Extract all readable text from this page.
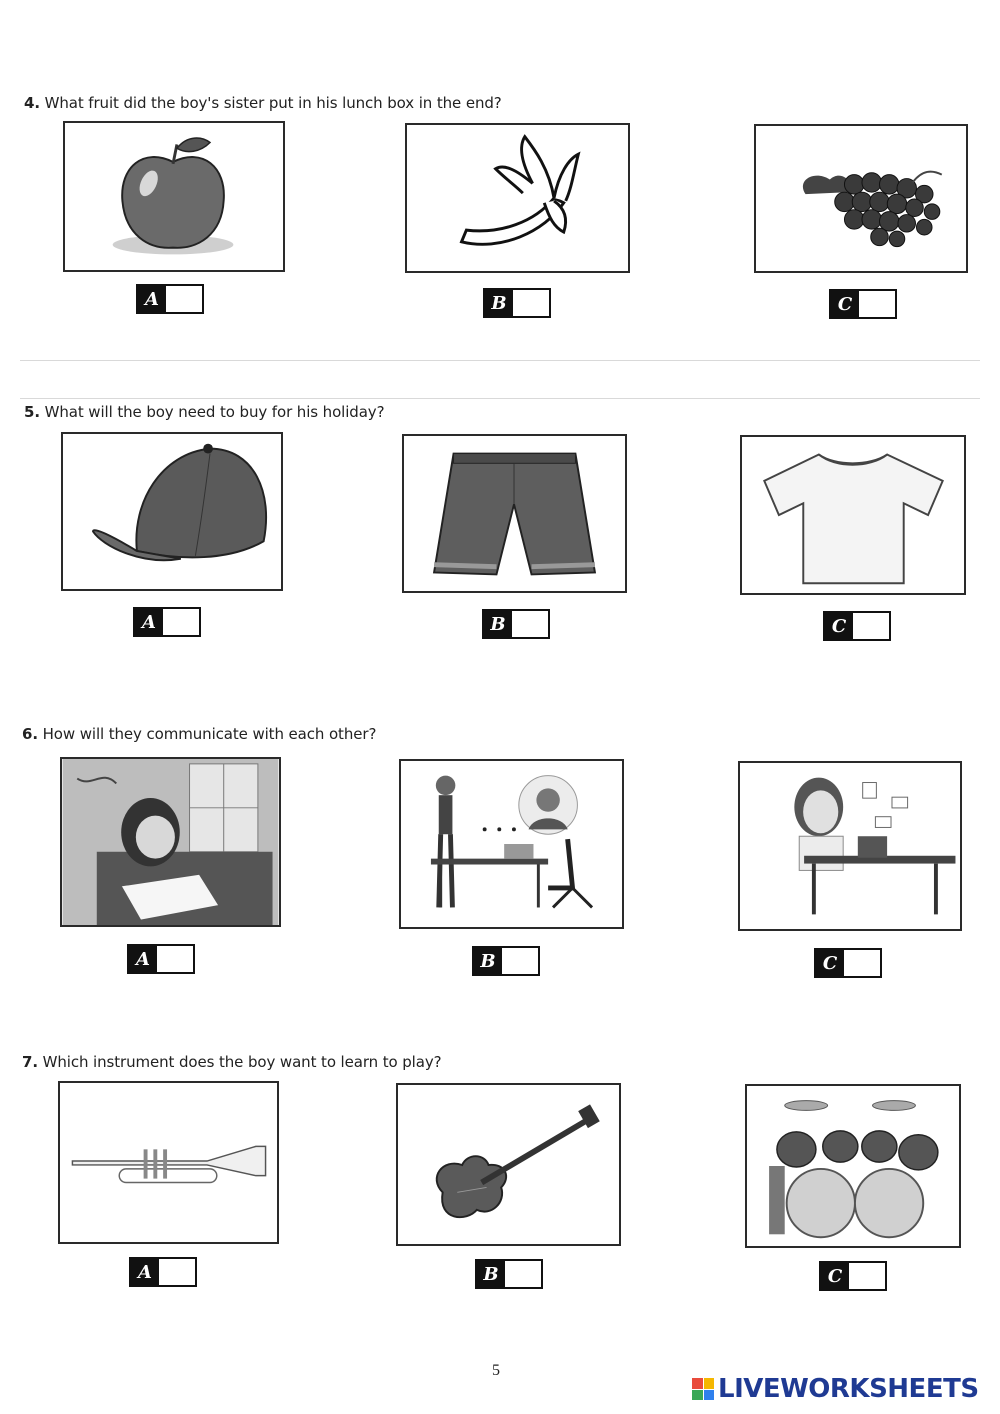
4. What fruit did the boy's sister put in his lunch box in the end?
A	B	C
5. What will the boy need to buy for his holiday?
A	B	C
6. How will they communicate with each other?
A	B	C
7. Which instrument does the boy want to learn to play?
A	B	C
5
LIVEWORKSHEETS
